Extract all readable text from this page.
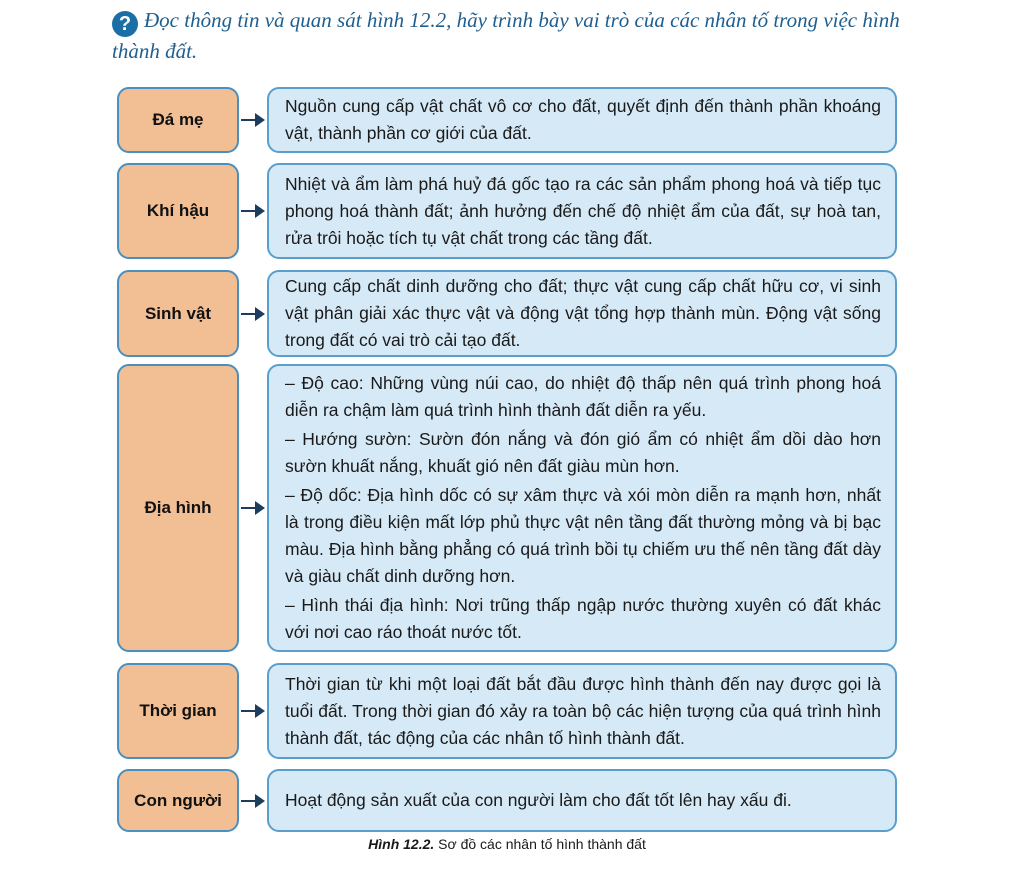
? Đọc thông tin và quan sát hình 12.2, hãy trình bày vai trò của các nhân tố trong việc hình thành đất.
Đá mẹ

Nguồn cung cấp vật chất vô cơ cho đất, quyết định đến thành phần khoáng vật, thành phần cơ giới của đất.

Khí hậu

Nhiệt và ẩm làm phá huỷ đá gốc tạo ra các sản phẩm phong hoá và tiếp tục phong hoá thành đất; ảnh hưởng đến chế độ nhiệt ẩm của đất, sự hoà tan, rửa trôi hoặc tích tụ vật chất trong các tầng đất.

Sinh vật

Cung cấp chất dinh dưỡng cho đất; thực vật cung cấp chất hữu cơ, vi sinh vật phân giải xác thực vật và động vật tổng hợp thành mùn. Động vật sống trong đất có vai trò cải tạo đất.

Địa hình

– Độ cao: Những vùng núi cao, do nhiệt độ thấp nên quá trình phong hoá diễn ra chậm làm quá trình hình thành đất diễn ra yếu.

– Hướng sườn: Sườn đón nắng và đón gió ẩm có nhiệt ẩm dồi dào hơn sườn khuất nắng, khuất gió nên đất giàu mùn hơn.

– Độ dốc: Địa hình dốc có sự xâm thực và xói mòn diễn ra mạnh hơn, nhất là trong điều kiện mất lớp phủ thực vật nên tầng đất thường mỏng và bị bạc màu. Địa hình bằng phẳng có quá trình bồi tụ chiếm ưu thế nên tầng đất dày và giàu chất dinh dưỡng hơn.

– Hình thái địa hình: Nơi trũng thấp ngập nước thường xuyên có đất khác với nơi cao ráo thoát nước tốt.

Thời gian

Thời gian từ khi một loại đất bắt đầu được hình thành đến nay được gọi là tuổi đất. Trong thời gian đó xảy ra toàn bộ các hiện tượng của quá trình hình thành đất, tác động của các nhân tố hình thành đất.

Con người	Hoạt động sản xuất của con người làm cho đất tốt lên hay xấu đi.

Hình 12.2. Sơ đồ các nhân tố hình thành đất
